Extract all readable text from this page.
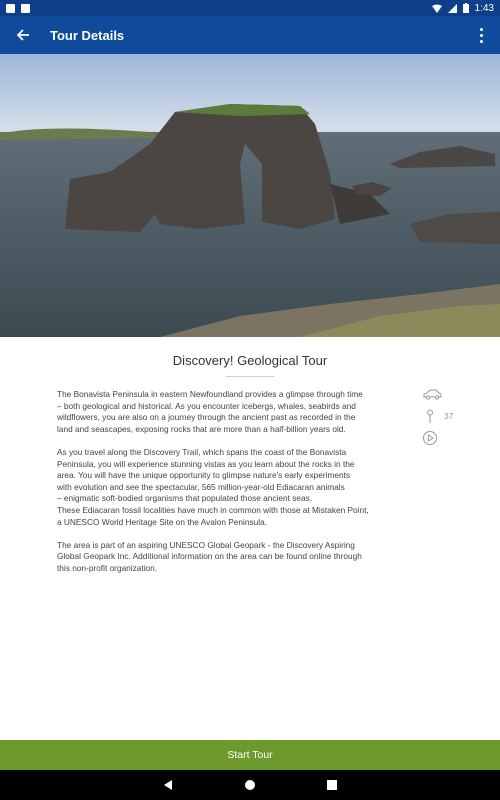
1:43
Tour Details
Discovery! Geological Tour

The Bonavista Peninsula in eastern Newfoundland provides a glimpse through time
– both geological and historical. As you encounter icebergs, whales, seabirds and
wildflowers, you are also on a journey through the ancient past as recorded in the
land and seascapes, exposing rocks that are more than a half-billion years old.

As you travel along the Discovery Trail, which spans the coast of the Bonavista
Peninsula, you will experience stunning vistas as you learn about the rocks in the
area. You will have the unique opportunity to glimpse nature's early experiments
with evolution and see the spectacular, 565 million-year-old Ediacaran animals
– enigmatic soft-bodied organisms that populated those ancient seas.
These Ediacaran fossil localities have much in common with those at Mistaken Point,
a UNESCO World Heritage Site on the Avalon Peninsula.

The area is part of an aspiring UNESCO Global Geopark - the Discovery Aspiring
Global Geopark Inc. Additional information on the area can be found online through
this non-profit organization.

37
Start Tour
